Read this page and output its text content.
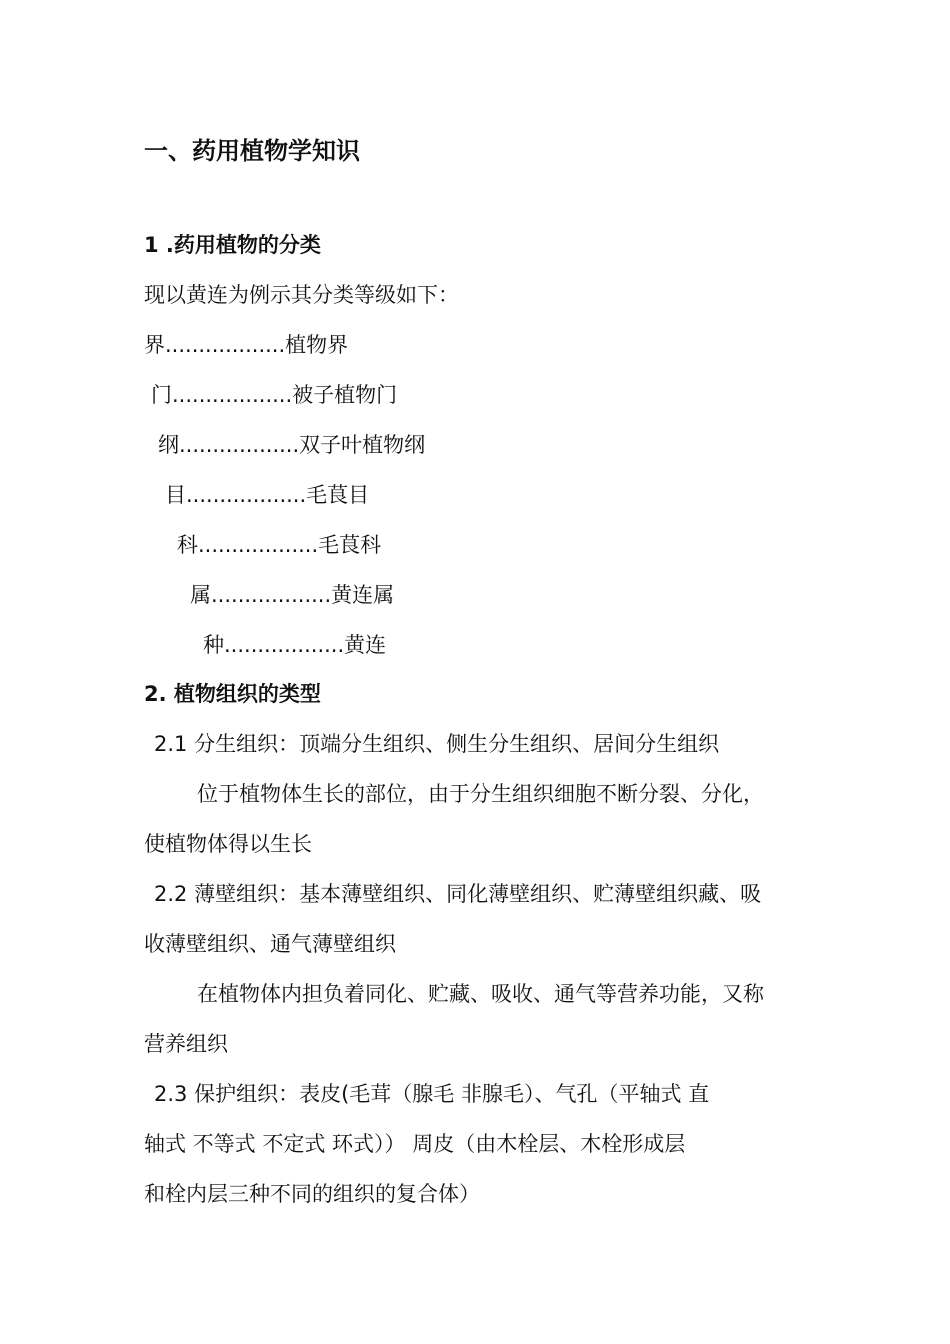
一、药用植物学知识
1 .药用植物的分类
现以黄连为例示其分类等级如下：
界..................植物界
门..................被子植物门
纲..................双子叶植物纲
目..................毛茛目
科..................毛茛科
属..................黄连属
种..................黄连
2. 植物组织的类型
2.1 分生组织：顶端分生组织、侧生分生组织、居间分生组织
位于植物体生长的部位，由于分生组织细胞不断分裂、分化，
使植物体得以生长
2.2 薄壁组织：基本薄壁组织、同化薄壁组织、贮薄壁组织藏、吸
收薄壁组织、通气薄壁组织
在植物体内担负着同化、贮藏、吸收、通气等营养功能，又称
营养组织
2.3 保护组织：表皮(毛茸（腺毛 非腺毛）、气孔（平轴式 直
轴式 不等式 不定式 环式）） 周皮（由木栓层、木栓形成层
和栓内层三种不同的组织的复合体）
